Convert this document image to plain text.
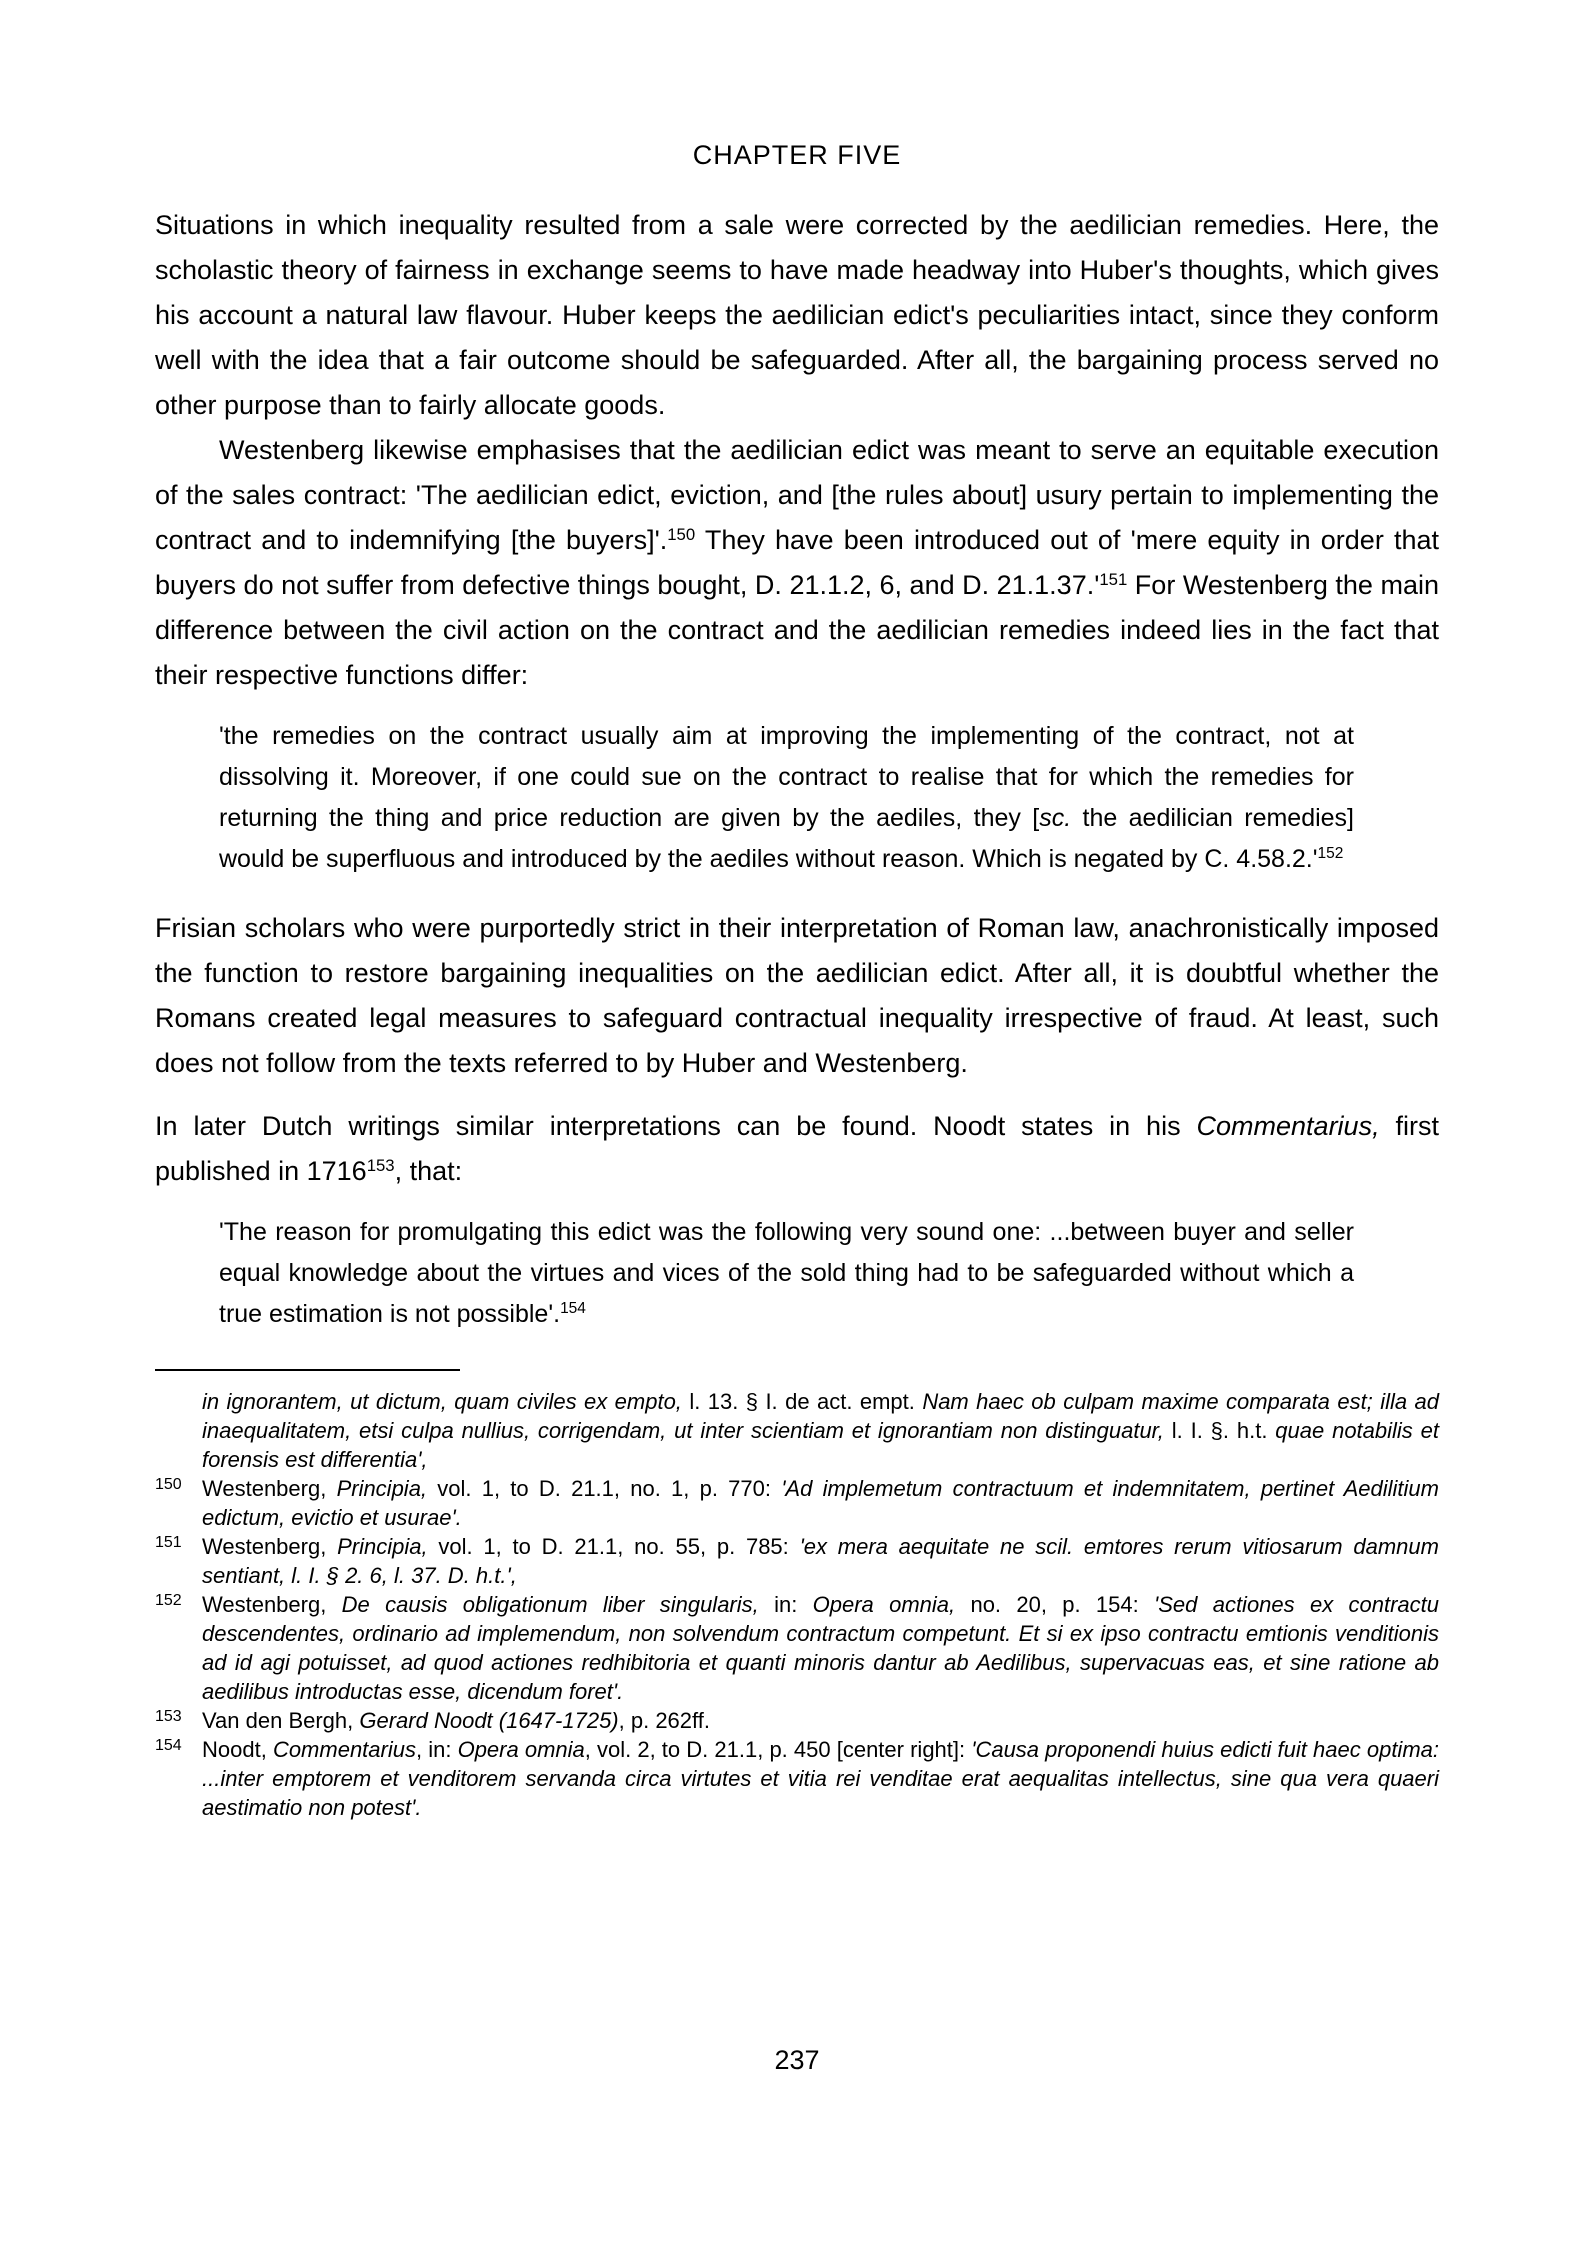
CHAPTER FIVE
Situations in which inequality resulted from a sale were corrected by the aedilician remedies. Here, the scholastic theory of fairness in exchange seems to have made headway into Huber's thoughts, which gives his account a natural law flavour. Huber keeps the aedilician edict's peculiarities intact, since they conform well with the idea that a fair outcome should be safeguarded. After all, the bargaining process served no other purpose than to fairly allocate goods.
Westenberg likewise emphasises that the aedilician edict was meant to serve an equitable execution of the sales contract: 'The aedilician edict, eviction, and [the rules about] usury pertain to implementing the contract and to indemnifying [the buyers]'.$^{150}$ They have been introduced out of 'mere equity in order that buyers do not suffer from defective things bought, D. 21.1.2, 6, and D. $21.1.37.'^{151}$ For Westenberg the main difference between the civil action on the contract and the aedilician remedies indeed lies in the fact that their respective functions differ:
'the remedies on the contract usually aim at improving the implementing of the contract, not at dissolving it. Moreover, if one could sue on the contract to realise that for which the remedies for returning the thing and price reduction are given by the aediles, they [sc. the aedilician remedies] would be superfluous and introduced by the aediles without reason. Which is negated by C. $4.58.2.'^{152}$
Frisian scholars who were purportedly strict in their interpretation of Roman law, anachronistically imposed the function to restore bargaining inequalities on the aedilician edict. After all, it is doubtful whether the Romans created legal measures to safeguard contractual inequality irrespective of fraud. At least, such does not follow from the texts referred to by Huber and Westenberg.
In later Dutch writings similar interpretations can be found. Noodt states in his Commentarius, first published in 1716$^{153}$, that:
'The reason for promulgating this edict was the following very sound one: ...between buyer and seller equal knowledge about the virtues and vices of the sold thing had to be safeguarded without which a true estimation is not possible'.$^{154}$
in ignorantem, ut dictum, quam civiles ex empto, l. 13. § I. de act. empt. Nam haec ob culpam maxime comparata est; illa ad inaequalitatem, etsi culpa nullius, corrigendam, ut inter scientiam et ignorantiam non distinguatur, l. I. §. h.t. quae notabilis et forensis est differentia',
150 Westenberg, Principia, vol. 1, to D. 21.1, no. 1, p. 770: 'Ad implemetum contractuum et indemnitatem, pertinet Aedilitium edictum, evictio et usurae'.
151 Westenberg, Principia, vol. 1, to D. 21.1, no. 55, p. 785: 'ex mera aequitate ne scil. emtores rerum vitiosarum damnum sentiant, l. I. § 2. 6, l. 37. D. h.t.',
152 Westenberg, De causis obligationum liber singularis, in: Opera omnia, no. 20, p. 154: 'Sed actiones ex contractu descendentes, ordinario ad implemendum, non solvendum contractum competunt. Et si ex ipso contractu emtionis venditionis ad id agi potuisset, ad quod actiones redhibitoria et quanti minoris dantur ab Aedilibus, supervacuas eas, et sine ratione ab aedilibus introductas esse, dicendum foret'.
153 Van den Bergh, Gerard Noodt (1647-1725), p. 262ff.
154 Noodt, Commentarius, in: Opera omnia, vol. 2, to D. 21.1, p. 450 [center right]: 'Causa proponendi huius edicti fuit haec optima: ...inter emptorem et venditorem servanda circa virtutes et vitia rei venditae erat aequalitas intellectus, sine qua vera quaeri aestimatio non potest'.
237
